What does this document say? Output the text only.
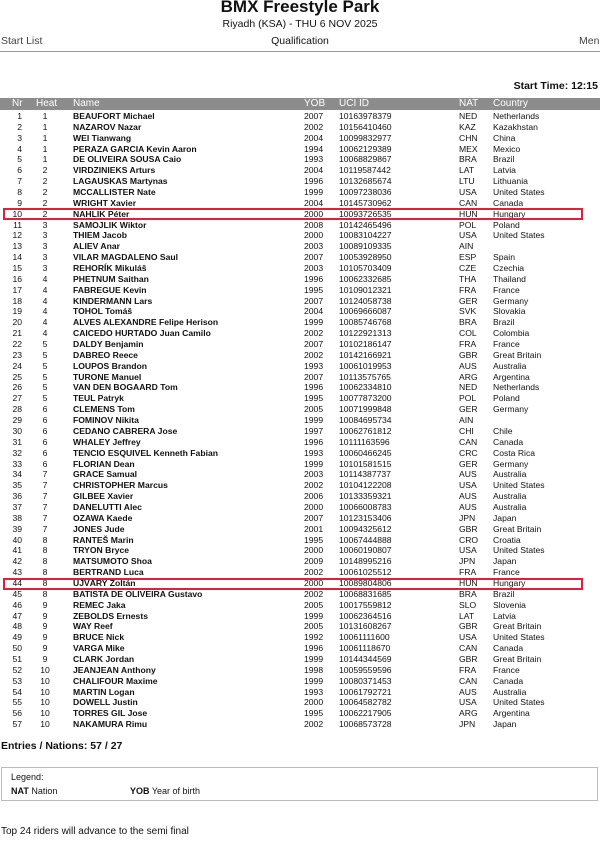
BMX Freestyle Park
Riyadh (KSA) - THU 6 NOV 2025
Start List	Qualification	Men
Start Time: 12:15
Nr Heat Name	YOB UCI ID	NAT Country
1	1	BEAUFORT Michael	2007 10163978379	NED Netherlands
2	1	NAZAROV Nazar	2002 10156410460	KAZ Kazakhstan
3	1	WEI Tianwang	2004 10099832977	CHN China
4	1	PERAZA GARCIA Kevin Aaron	1994 10062129389	MEX Mexico
5	1	DE OLIVEIRA SOUSA Caio	1993 10068829867	BRA Brazil
6	2	VIRDZINIEKS Arturs	2004 10119587442	LAT Latvia
7	2	LAGAUSKAS Martynas	1996 10132685674	LTU Lithuania
8	2	MCCALLISTER Nate	1999 10097238036	USA United States
9	2	WRIGHT Xavier	2004 10145730962	CAN Canada
10	2	NAHLIK Péter	2000 10093726535	HUN Hungary
11	3	SAMOJLIK Wiktor	2008 10142465496	POL Poland
12	3	THIEM Jacob	2000 10083104227	USA United States
13	3	ALIEV Anar	2003 10089109335	AIN
14	3	VILAR MAGDALENO Saul	2007 10053928950	ESP Spain
15	3	REHORÍK Mikuláš	2003 10105703409	CZE Czechia
16	4	PHETNUM Saithan	1996 10062332685	THA Thailand
17	4	FABREGUE Kevin	1995 10109012321	FRA France
18	4	KINDERMANN Lars	2007 10124058738	GER Germany
19	4	TOHOL Tomáš	2004 10069666087	SVK Slovakia
20	4	ALVES ALEXANDRE Felipe Herison	1999 10085746768	BRA Brazil
21	4	CAICEDO HURTADO Juan Camilo	2002 10122921313	COL Colombia
22	5	DALDY Benjamin	2007 10102186147	FRA France
23	5	DABREO Reece	2002 10142166921	GBR Great Britain
24	5	LOUPOS Brandon	1993 10061019953	AUS Australia
25	5	TURONE Manuel	2007 10113575765	ARG Argentina
26	5	VAN DEN BOGAARD Tom	1996 10062334810	NED Netherlands
27	5	TEUL Patryk	1995 10077873200	POL Poland
28	6	CLEMENS Tom	2005 10071999848	GER Germany
29	6	FOMINOV Nikita	1999 10084695734	AIN
30	6	CEDANO CABRERA Jose	1997 10062761812	CHI Chile
31	6	WHALEY Jeffrey	1996 10111163596	CAN Canada
32	6	TENCIO ESQUIVEL Kenneth Fabian	1993 10060466245	CRC Costa Rica
33	6	FLORIAN Dean	1999 10101581515	GER Germany
34	7	GRACE Samual	2003 10114387737	AUS Australia
35	7	CHRISTOPHER Marcus	2002 10104122208	USA United States
36	7	GILBEE Xavier	2006 10133359321	AUS Australia
37	7	DANELUTTI Alec	2000 10066008783	AUS Australia
38	7	OZAWA Kaede	2007 10123153406	JPN Japan
39	7	JONES Jude	2001 10094325612	GBR Great Britain
40	8	RANTEŠ Marin	1995 10067444888	CRO Croatia
41	8	TRYON Bryce	2000 10060190807	USA United States
42	8	MATSUMOTO Shoa	2009 10148995216	JPN Japan
43	8	BERTRAND Luca	2002 10061025512	FRA France
44	8	UJVÁRY Zoltán	2000 10089804806	HUN Hungary
45	8	BATISTA DE OLIVEIRA Gustavo	2002 10068831685	BRA Brazil
46	9	REMEC Jaka	2005 10017559812	SLO Slovenia
47	9	ZEBOLDS Ernests	1999 10062364516	LAT Latvia
48	9	WAY Reef	2005 10131608267	GBR Great Britain
49	9	BRUCE Nick	1992 10061111600	USA United States
50	9	VARGA Mike	1996 10061118670	CAN Canada
51	9	CLARK Jordan	1999 10144344569	GBR Great Britain
52 10	JEANJEAN Anthony	1998 10059559596	FRA France
53 10	CHALIFOUR Maxime	1999 10080371453	CAN Canada
54 10	MARTIN Logan	1993 10061792721	AUS Australia
55 10	DOWELL Justin	2000 10064582782	USA United States
56 10	TORRES GIL Jose	1995 10062217905	ARG Argentina
57 10	NAKAMURA Rimu	2002 10068573728	JPN Japan
Entries / Nations: 57 / 27
Legend:
NAT Nation	YOB Year of birth
Top 24 riders will advance to the semi final
